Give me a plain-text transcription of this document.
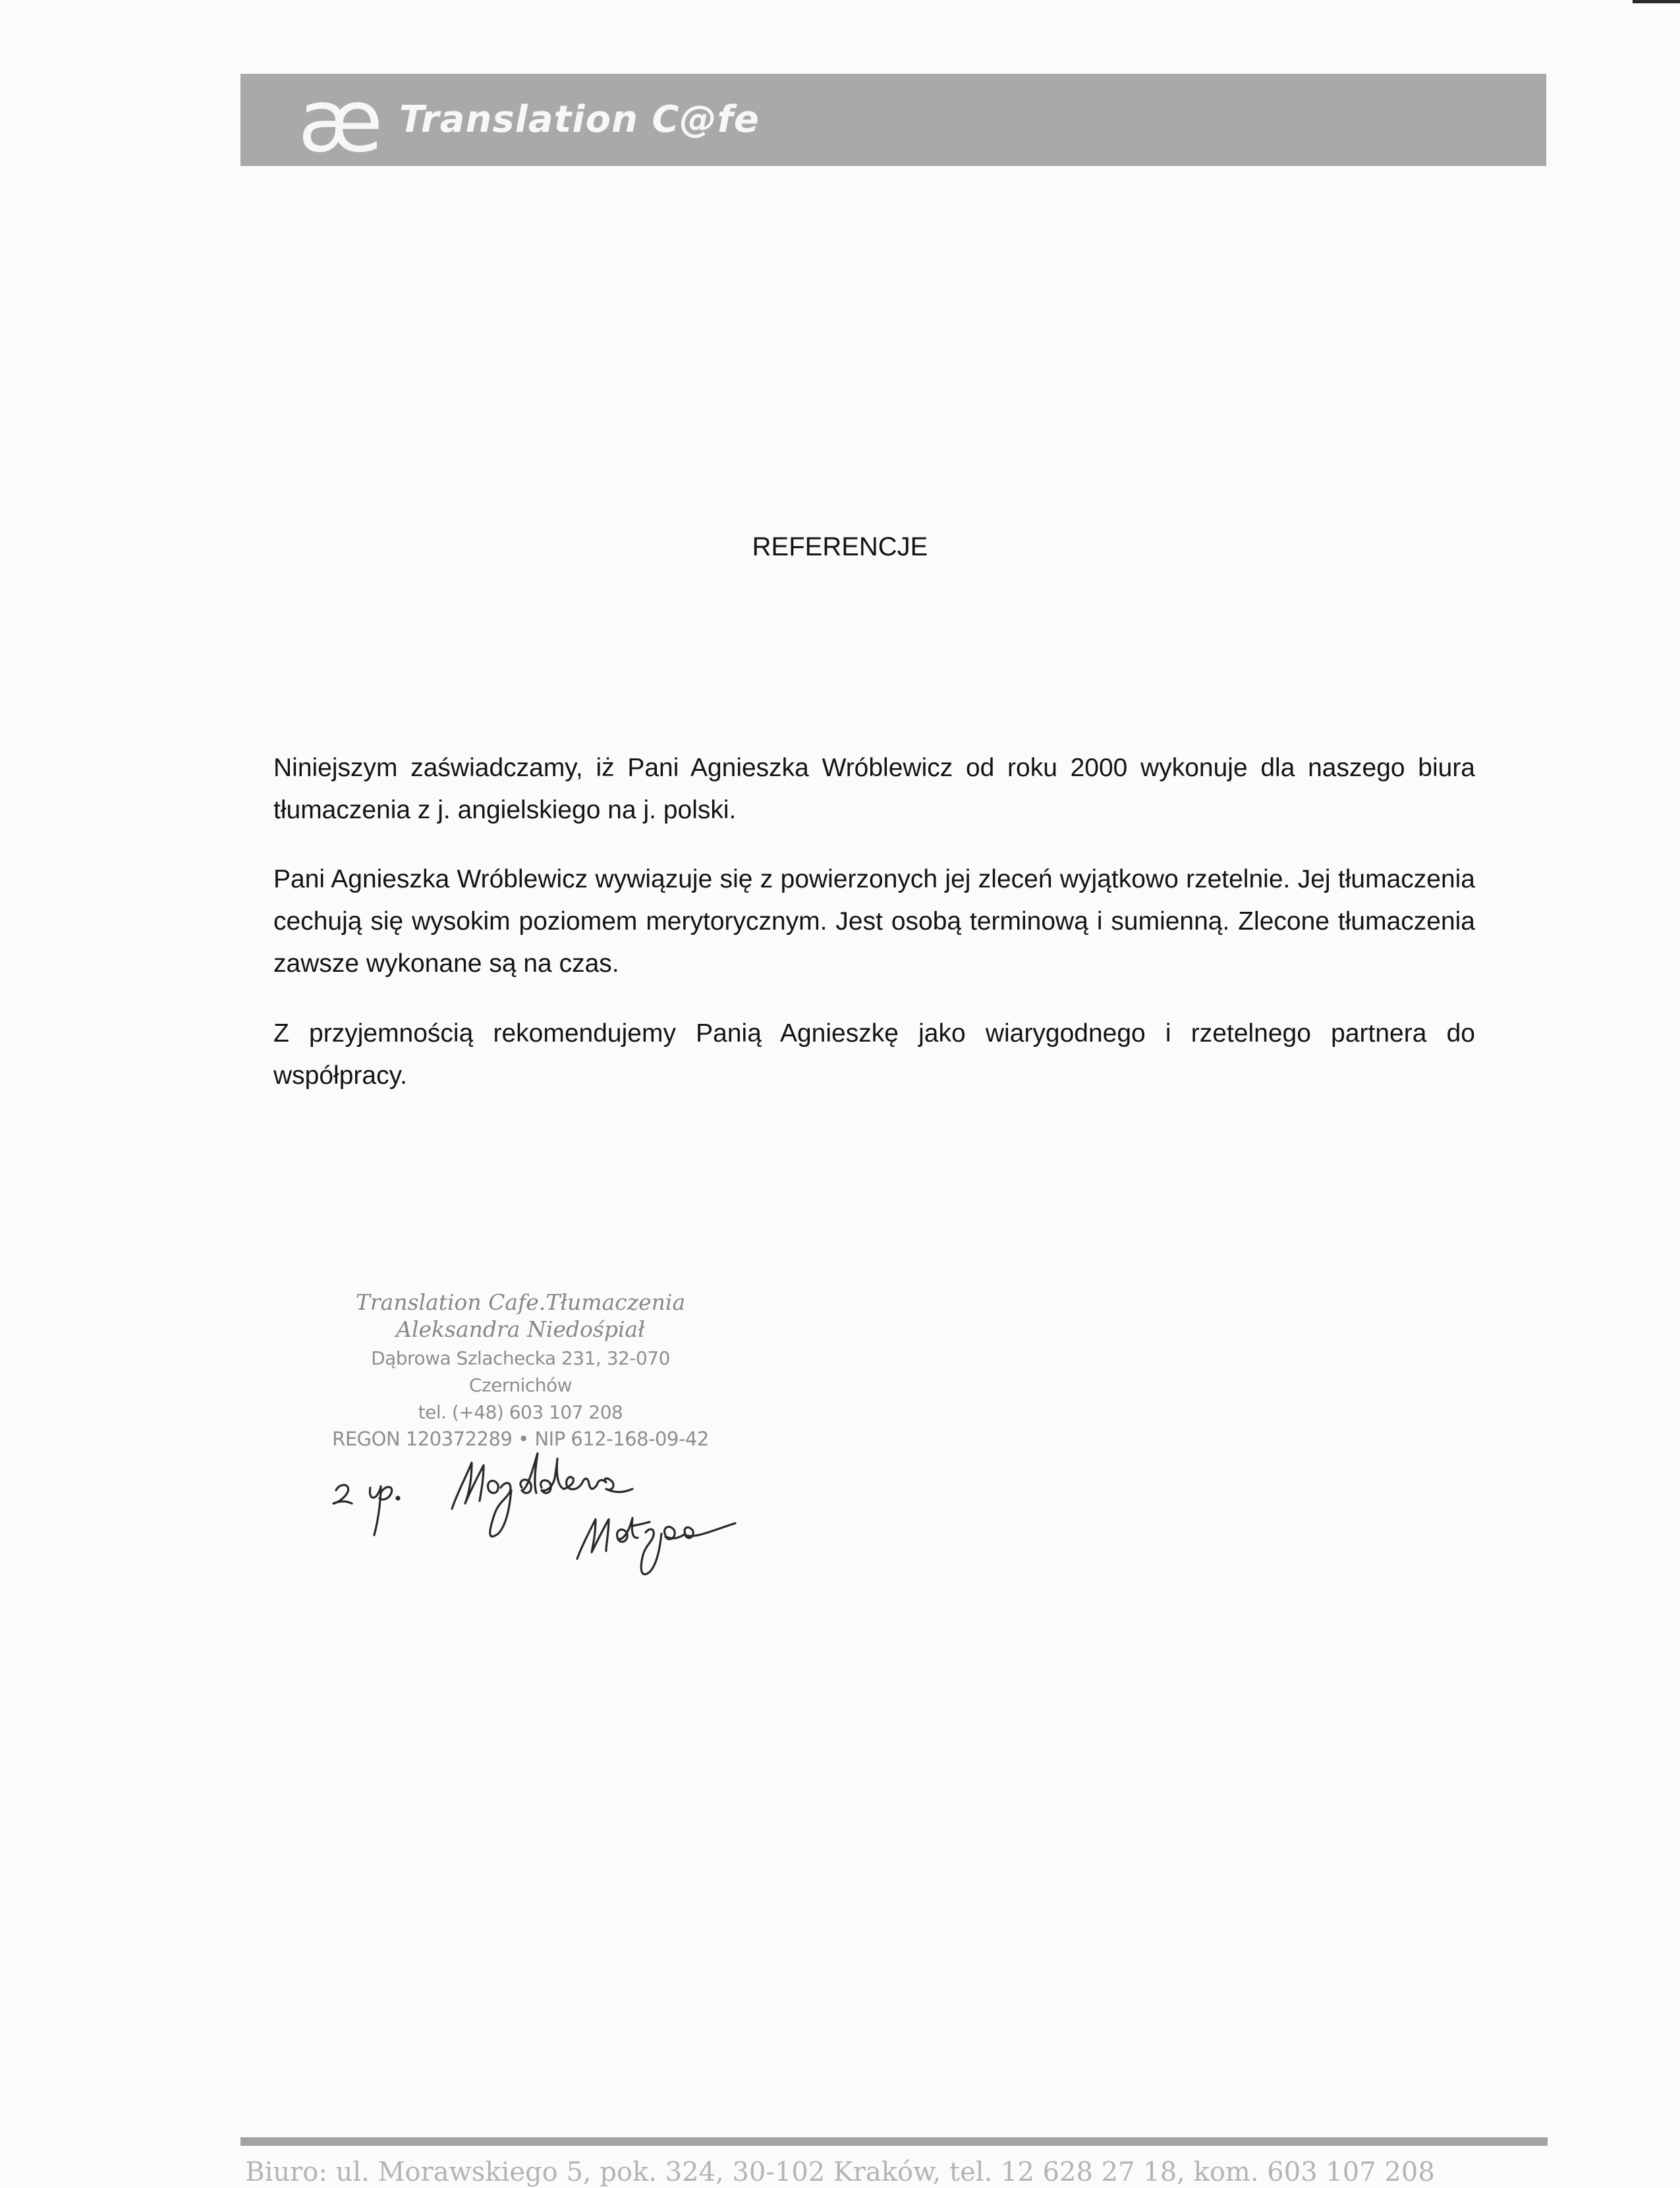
æ Translation C@fe
REFERENCJE

Niniejszym zaświadczamy, iż Pani Agnieszka Wróblewicz od roku 2000 wykonuje dla naszego biura tłumaczenia z j. angielskiego na j. polski.

Pani Agnieszka Wróblewicz wywiązuje się z powierzonych jej zleceń wyjątkowo rzetelnie. Jej tłumaczenia cechują się wysokim poziomem merytorycznym. Jest osobą terminową i sumienną. Zlecone tłumaczenia zawsze wykonane są na czas.

Z przyjemnością rekomendujemy Panią Agnieszkę jako wiarygodnego i rzetelnego partnera do współpracy.

Translation Cafe.Tłumaczenia
Aleksandra Niedośpiał
Dąbrowa Szlachecka 231, 32-070 Czernichów
tel. (+48) 603 107 208
REGON 120372289 • NIP 612-168-09-42
Biuro: ul. Morawskiego 5, pok. 324, 30-102 Kraków, tel. 12 628 27 18, kom. 603 107 208
